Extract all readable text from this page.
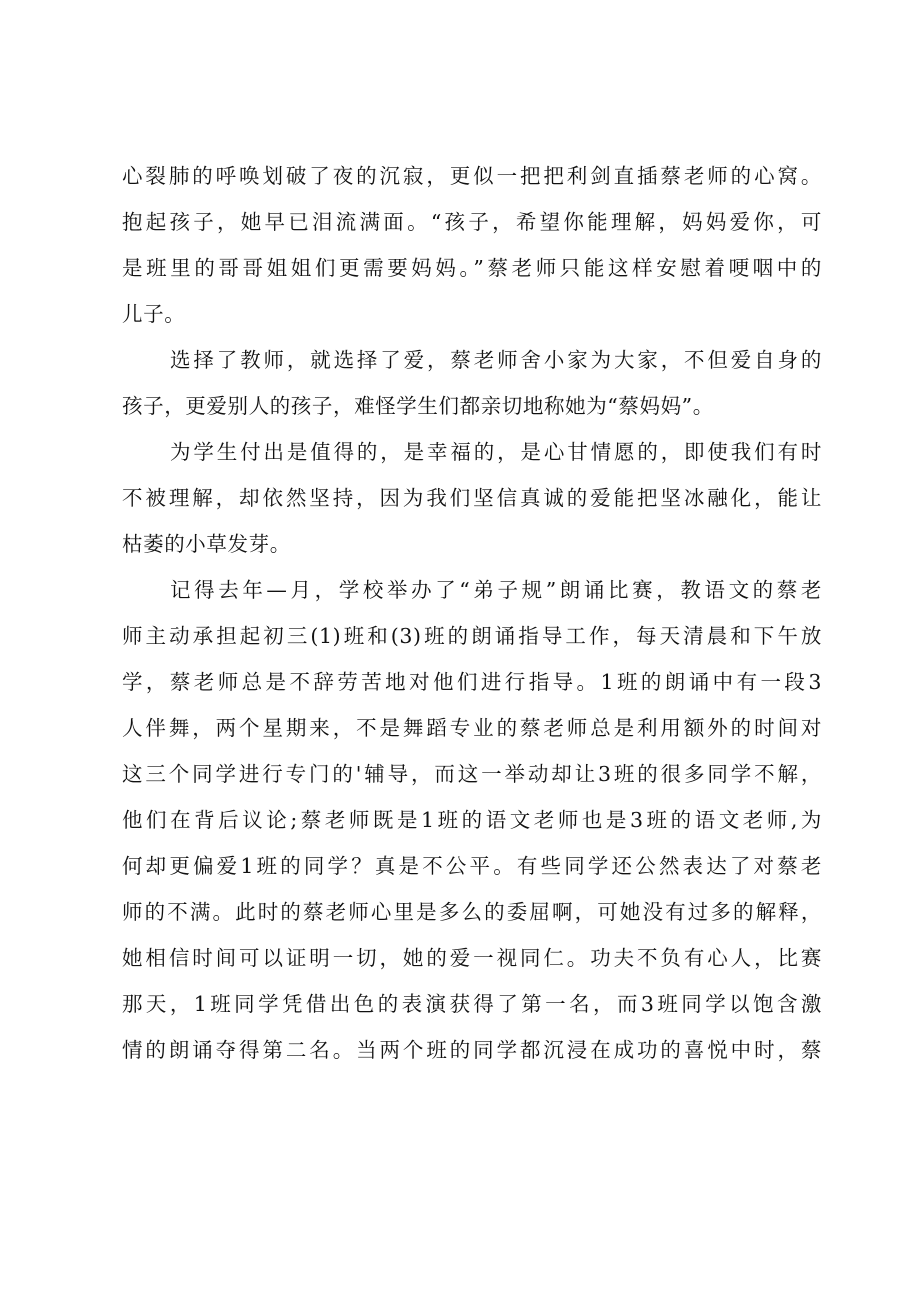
心裂肺的呼唤划破了夜的沉寂，更似一把把利剑直插蔡老师的心窝。
抱起孩子，她早已泪流满面。“孩子，希望你能理解，妈妈爱你，可
是班里的哥哥姐姐们更需要妈妈。”蔡老师只能这样安慰着哽咽中的
儿子。
选择了教师，就选择了爱，蔡老师舍小家为大家，不但爱自身的
孩子，更爱别人的孩子，难怪学生们都亲切地称她为“蔡妈妈”。
为学生付出是值得的，是幸福的，是心甘情愿的，即使我们有时
不被理解，却依然坚持，因为我们坚信真诚的爱能把坚冰融化，能让
枯萎的小草发芽。
记得去年—月，学校举办了“弟子规”朗诵比赛，教语文的蔡老
师主动承担起初三(1)班和(3)班的朗诵指导工作，每天清晨和下午放
学，蔡老师总是不辞劳苦地对他们进行指导。1班的朗诵中有一段3
人伴舞，两个星期来，不是舞蹈专业的蔡老师总是利用额外的时间对
这三个同学进行专门的'辅导，而这一举动却让3班的很多同学不解，
他们在背后议论;蔡老师既是1班的语文老师也是3班的语文老师,为
何却更偏爱1班的同学？真是不公平。有些同学还公然表达了对蔡老
师的不满。此时的蔡老师心里是多么的委屈啊，可她没有过多的解释，
她相信时间可以证明一切，她的爱一视同仁。功夫不负有心人，比赛
那天，1班同学凭借出色的表演获得了第一名，而3班同学以饱含激
情的朗诵夺得第二名。当两个班的同学都沉浸在成功的喜悦中时，蔡
